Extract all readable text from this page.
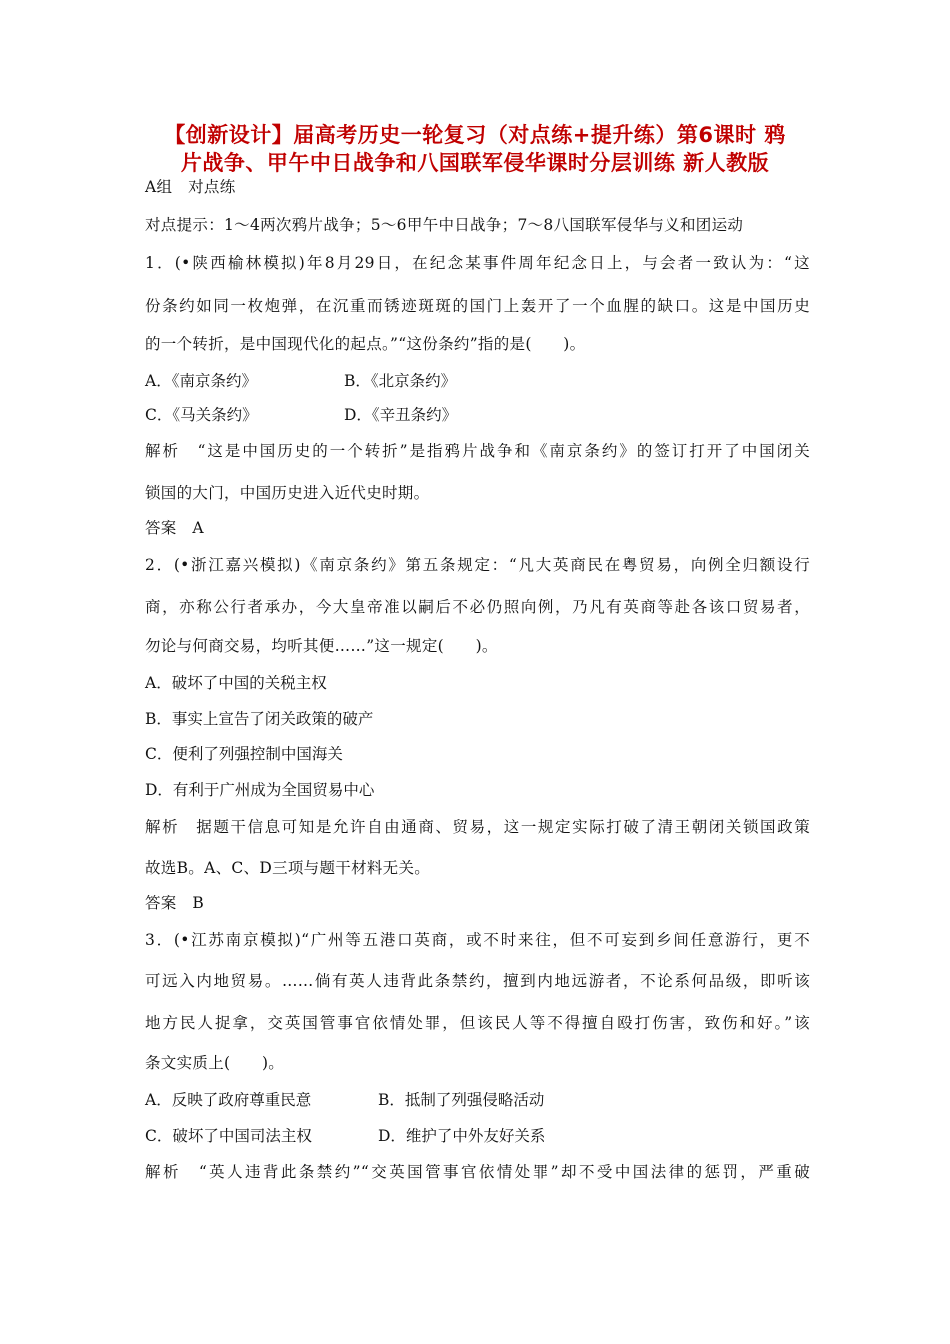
【创新设计】届高考历史一轮复习（对点练+提升练）第6课时 鸦
片战争、甲午中日战争和八国联军侵华课时分层训练 新人教版
A组　对点练
对点提示：1～4两次鸦片战争；5～6甲午中日战争；7～8八国联军侵华与义和团运动
1．(•陕西榆林模拟)年8月29日，在纪念某事件周年纪念日上，与会者一致认为：“这
份条约如同一枚炮弹，在沉重而锈迹斑斑的国门上轰开了一个血腥的缺口。这是中国历史
的一个转折，是中国现代化的起点。”“这份条约”指的是(　　)。
A．《南京条约》	B．《北京条约》
C．《马关条约》	D．《辛丑条约》
解析　“这是中国历史的一个转折”是指鸦片战争和《南京条约》的签订打开了中国闭关
锁国的大门，中国历史进入近代史时期。
答案　A
2．(•浙江嘉兴模拟)《南京条约》第五条规定：“凡大英商民在粤贸易，向例全归额设行
商，亦称公行者承办，今大皇帝准以嗣后不必仍照向例，乃凡有英商等赴各该口贸易者，
勿论与何商交易，均听其便……”这一规定(　　)。
A．破坏了中国的关税主权
B．事实上宣告了闭关政策的破产
C．便利了列强控制中国海关
D．有利于广州成为全国贸易中心
解析　据题干信息可知是允许自由通商、贸易，这一规定实际打破了清王朝闭关锁国政策
故选B。A、C、D三项与题干材料无关。
答案　B
3．(•江苏南京模拟)“广州等五港口英商，或不时来往，但不可妄到乡间任意游行，更不
可远入内地贸易。……倘有英人违背此条禁约，擅到内地远游者，不论系何品级，即听该
地方民人捉拿，交英国管事官依情处罪，但该民人等不得擅自殴打伤害，致伤和好。”该
条文实质上(　　)。
A．反映了政府尊重民意	B．抵制了列强侵略活动
C．破坏了中国司法主权	D．维护了中外友好关系
解析　“英人违背此条禁约”“交英国管事官依情处罪”却不受中国法律的惩罚，严重破
